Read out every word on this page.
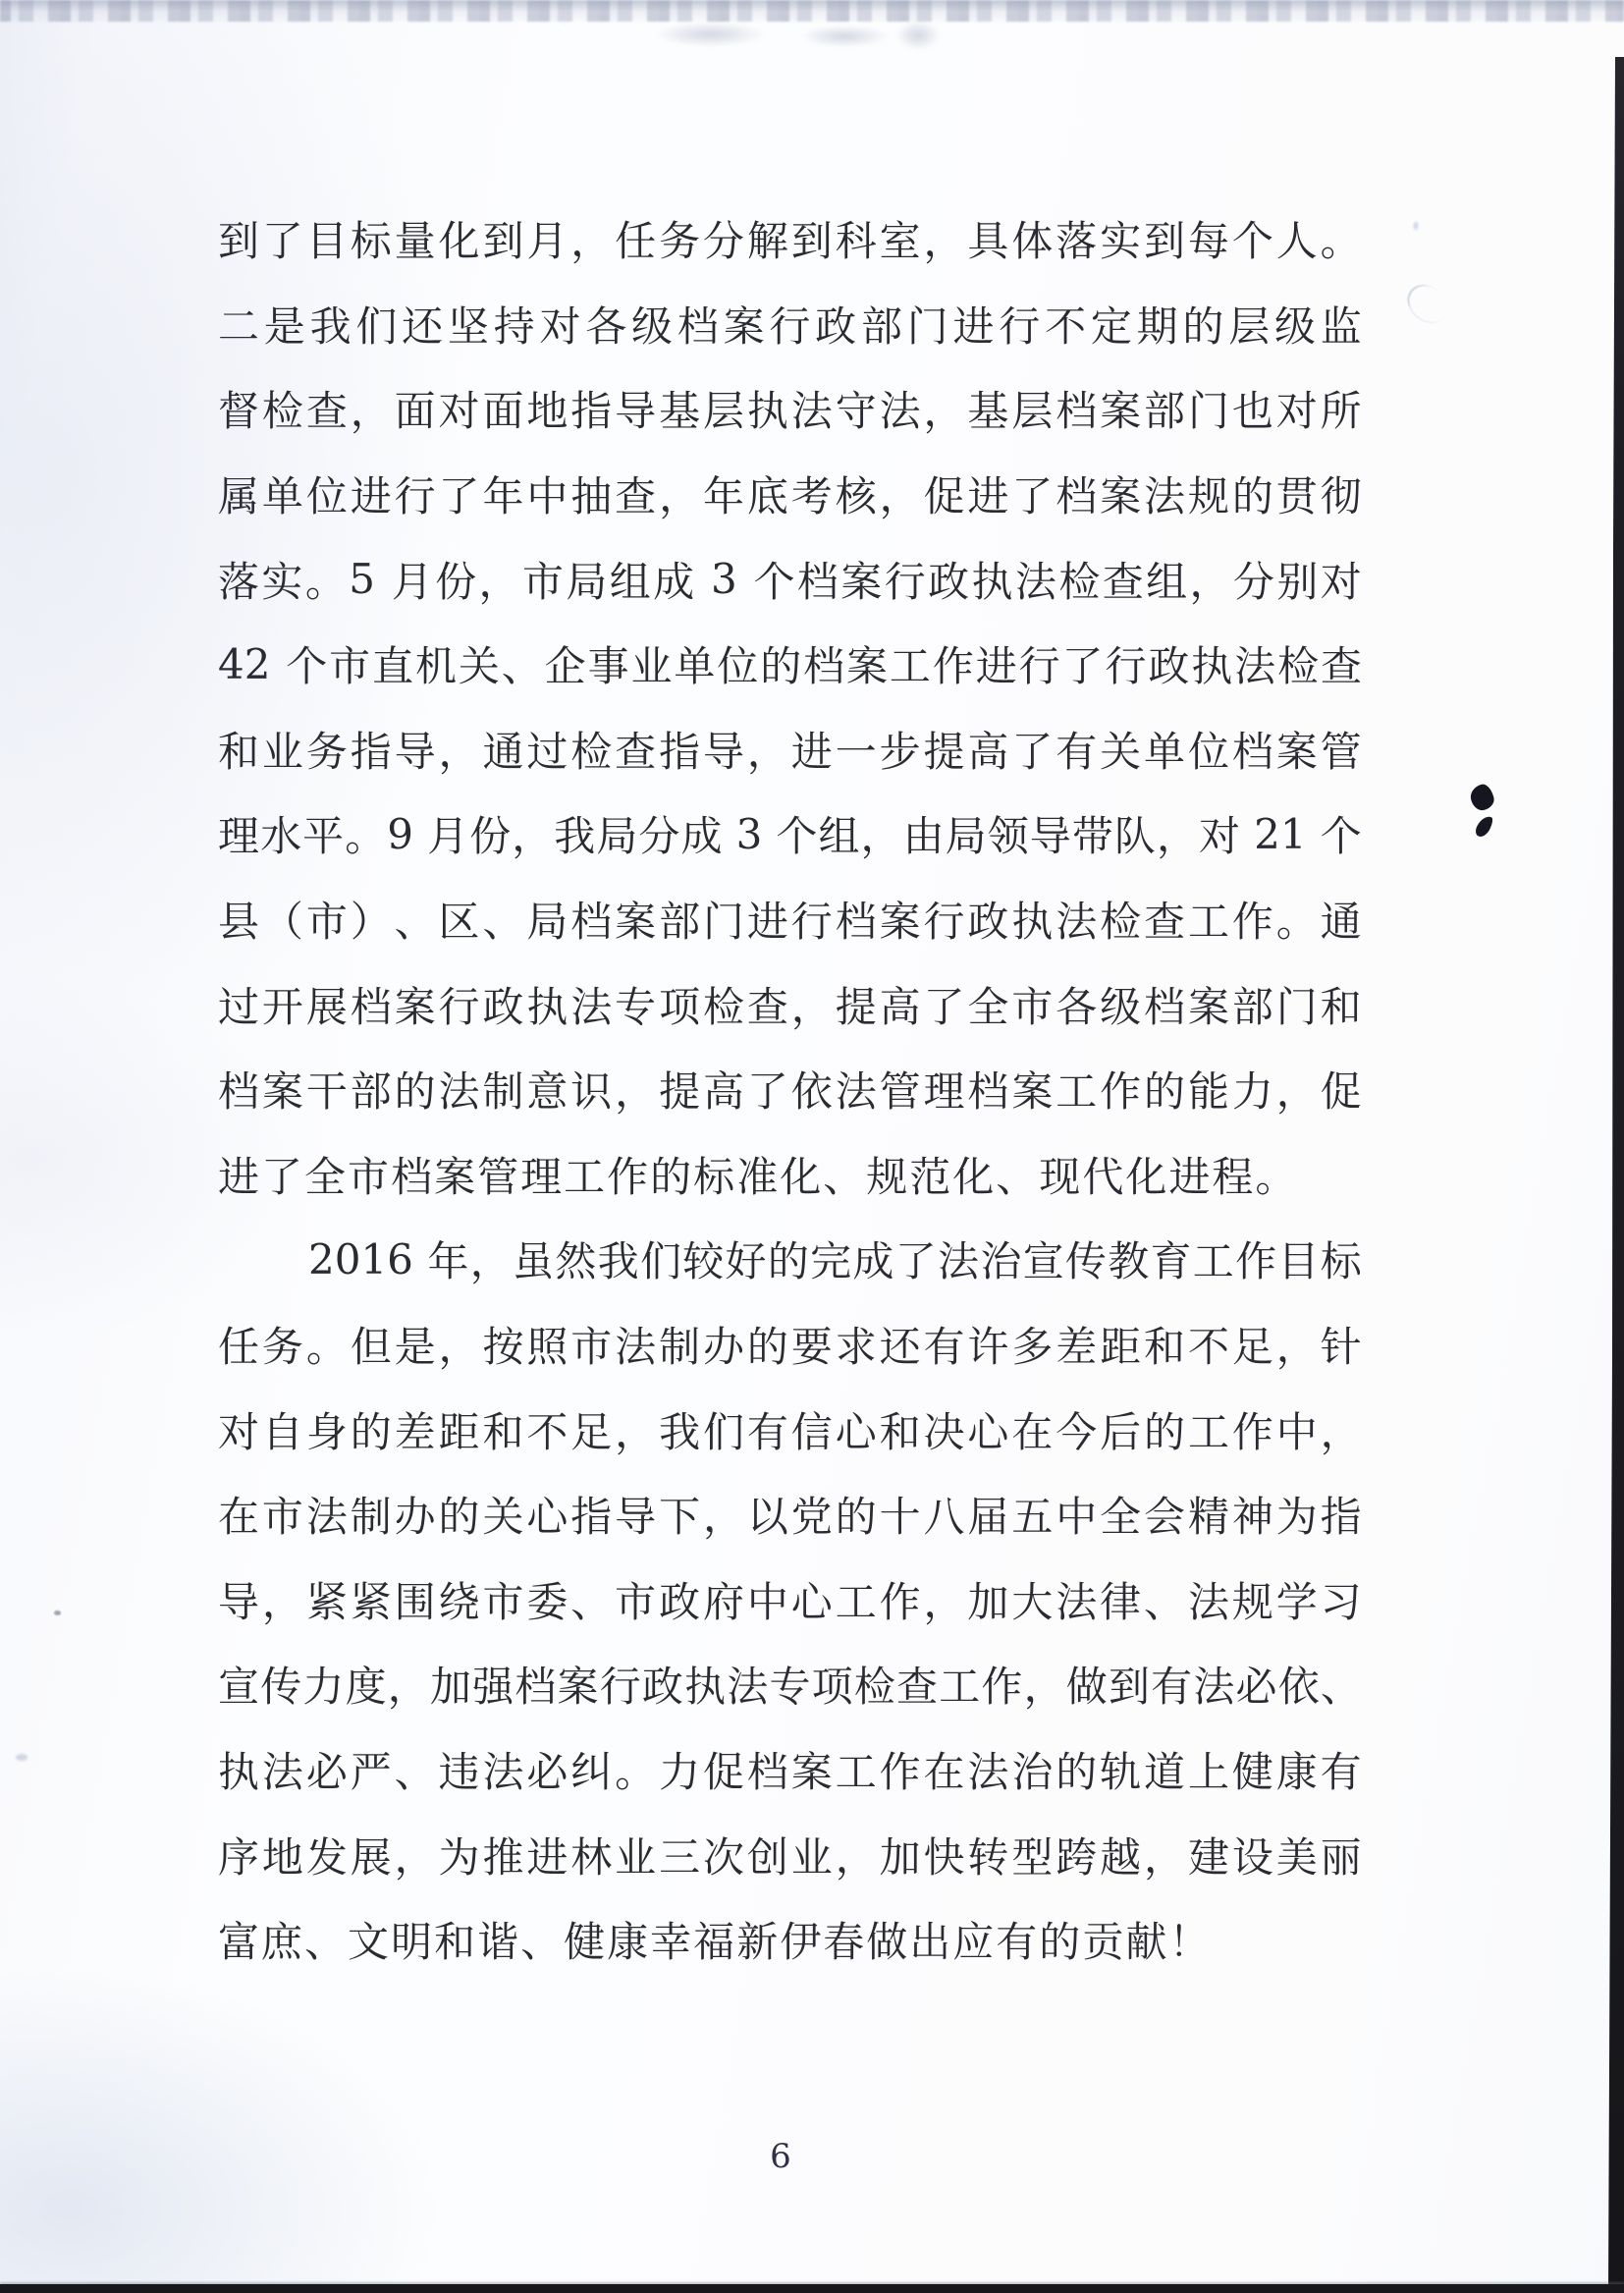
到 了 目 标 量 化 到 月 ， 任 务 分 解 到 科 室 ， 具 体 落 实 到 每 个 人 。
二 是 我 们 还 坚 持 对 各 级 档 案 行 政 部 门 进 行 不 定 期 的 层 级 监
督 检 查 ， 面 对 面 地 指 导 基 层 执 法 守 法 ， 基 层 档 案 部 门 也 对 所
属 单 位 进 行 了 年 中 抽 查 ， 年 底 考 核 ， 促 进 了 档 案 法 规 的 贯 彻
落 实 。 5
月 份 ， 市 局 组 成
3
个 档 案 行 政 执 法 检 查 组 ， 分 别 对
42
个 市 直 机 关 、 企 事 业 单 位 的 档 案 工 作 进 行 了 行 政 执 法 检 查
和 业 务 指 导 ， 通 过 检 查 指 导 ， 进 一 步 提 高 了 有 关 单 位 档 案 管
理 水 平 。 9
月 份 ， 我 局 分 成
3
个 组 ， 由 局 领 导 带 队 ， 对
21
个
县 （ 市 ） 、 区 、 局 档 案 部 门 进 行 档 案 行 政 执 法 检 查 工 作 。 通
过 开 展 档 案 行 政 执 法 专 项 检 查 ， 提 高 了 全 市 各 级 档 案 部 门 和
档 案 干 部 的 法 制 意 识 ， 提 高 了 依 法 管 理 档 案 工 作 的 能 力 ， 促
进 了 全 市 档 案 管 理 工 作 的 标 准 化 、 规 范 化 、 现 代 化 进 程 。
2016
年 ， 虽 然 我 们 较 好 的 完 成 了 法 治 宣 传 教 育 工 作 目 标
任 务 。 但 是 ， 按 照 市 法 制 办 的 要 求 还 有 许 多 差 距 和 不 足 ， 针
对 自 身 的 差 距 和 不 足 ， 我 们 有 信 心 和 决 心 在 今 后 的 工 作 中 ，
在 市 法 制 办 的 关 心 指 导 下 ， 以 党 的 十 八 届 五 中 全 会 精 神 为 指
导 ， 紧 紧 围 绕 市 委 、 市 政 府 中 心 工 作 ， 加 大 法 律 、 法 规 学 习
宣 传 力 度 ， 加 强 档 案 行 政 执 法 专 项 检 查 工 作 ， 做 到 有 法 必 依 、
执 法 必 严 、 违 法 必 纠 。 力 促 档 案 工 作 在 法 治 的 轨 道 上 健 康 有
序 地 发 展 ， 为 推 进 林 业 三 次 创 业 ， 加 快 转 型 跨 越 ， 建 设 美 丽
富 庶 、 文 明 和 谐 、 健 康 幸 福 新 伊 春 做 出 应 有 的 贡 献 ！
6
